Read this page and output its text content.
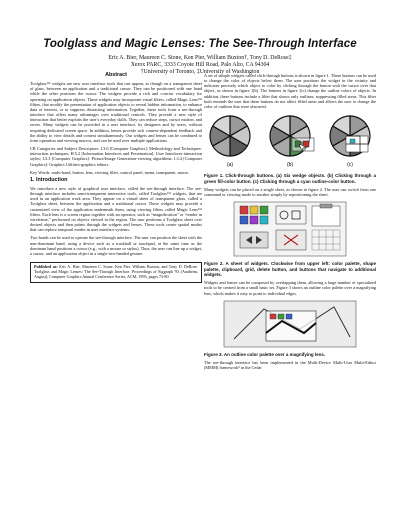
Toolglass and Magic Lenses: The See-Through Interface
Eric A. Bier, Maureen C. Stone, Ken Pier, William Buxton†, Tony D. DeRose‡
Xerox PARC, 3333 Coyote Hill Road, Palo Alto, CA 94304
†University of Toronto, ‡University of Washington
Abstract

Toolglass™ widgets are new user interface tools that can appear, as though on a transparent sheet of glass, between an application and a traditional cursor. They can be positioned with one hand while the other positions the cursor. The widgets provide a rich and concise vocabulary for operating on application objects. These widgets may incorporate visual filters, called Magic Lens™ filters, that modify the presentation of application objects to reveal hidden information, to enhance data of interest, or to suppress distracting information. Together, these tools form a see-through interface that offers many advantages over traditional controls. They provide a new style of interaction that better exploits the user's everyday skills. They can reduce steps, cursor motion, and errors. Many widgets can be provided in a user interface, by designers and by users, without requiring dedicated screen space. In addition, lenses provide rich context-dependent feedback and the ability to view details and context simultaneously. Our widgets and lenses can be combined to form operation and viewing macros, and can be used over multiple applications.

CR Categories and Subject Descriptors: I.3.6 [Computer Graphics]: Methodology and Techniques-interaction techniques; H.5.2 [Information Interfaces and Presentation]: User Interfaces-interaction styles; I.3.3 [Computer Graphics]: Picture/Image Generation-viewing algorithms; I.3.4 [Computer Graphics]: Graphics Utilities-graphics editors

Key Words: multi-hand, button, lens, viewing filter, control panel, menu, transparent, macro

1. Introduction

We introduce a new style of graphical user interface, called the see-through interface. The see-through interface includes semi-transparent interactive tools, called Toolglass™ widgets, that are used in an application work area. They appear on a virtual sheet of transparent glass, called a Toolglass sheet, between the application and a traditional cursor. These widgets may provide a customized view of the application underneath them, using viewing filters called Magic Lens™ filters. Each lens is a screen region together with an operator, such as “magnification” or “render in wireframe,” performed on objects viewed in the region. The user positions a Toolglass sheet over desired objects and then points through the widgets and lenses. These tools create spatial modes that can replace temporal modes in user interface systems.

Two hands can be used to operate the see-through interface. The user can position the sheet with the non-dominant hand, using a device such as a trackball or touchpad, at the same time as the dominant hand positions a cursor (e.g., with a mouse or stylus). Thus, the user can line up a widget, a cursor, and an application object in a single two-handed gesture.

Published as: Eric A. Bier, Maureen C. Stone, Ken Pier, William Buxton, and Tony D. DeRose. Toolglass and Magic Lenses: The See-Through Interface. Proceedings of Siggraph '93 (Anaheim, August), Computer Graphics Annual Conference Series, ACM, 1993, pages 73-80.

A set of simple widgets called click-through buttons is shown in figure 1. These buttons can be used to change the color of objects below them. The user positions the widget in the vicinity and indicates precisely which object to color by clicking through the button with the cursor over that object, as shown in figure 1(b). The buttons in figure 1(c) change the outline colors of objects. In addition, these buttons include a filter that shows only outlines, suppressing filled areas. This filter both reminds the user that these buttons do not affect filled areas and allows the user to change the color of outlines that were obscured.

(a)	(b)	(c)
Figure 1. Click-through buttons. (a) Six wedge objects. (b) Clicking through a green fill-color button. (c) Clicking through a cyan outline-color button.

Many widgets can be placed on a single sheet, as shown in figure 2. The user can switch from one command or viewing mode to another simply by repositioning the sheet.

Figure 2. A sheet of widgets. Clockwise from upper left: color palette, shape palette, clipboard, grid, delete button, and buttons that navigate to additional widgets.

Widgets and lenses can be composed by overlapping them, allowing a large number of specialized tools to be created from a small basic set. Figure 3 shows an outline color palette over a magnifying lens, which makes it easy to point to individual edges.

Figure 3. An outline color palette over a magnifying lens.

The see-through interface has been implemented in the Multi-Device Multi-User Multi-Editor (MMM) framework⁵ in the Cedar
